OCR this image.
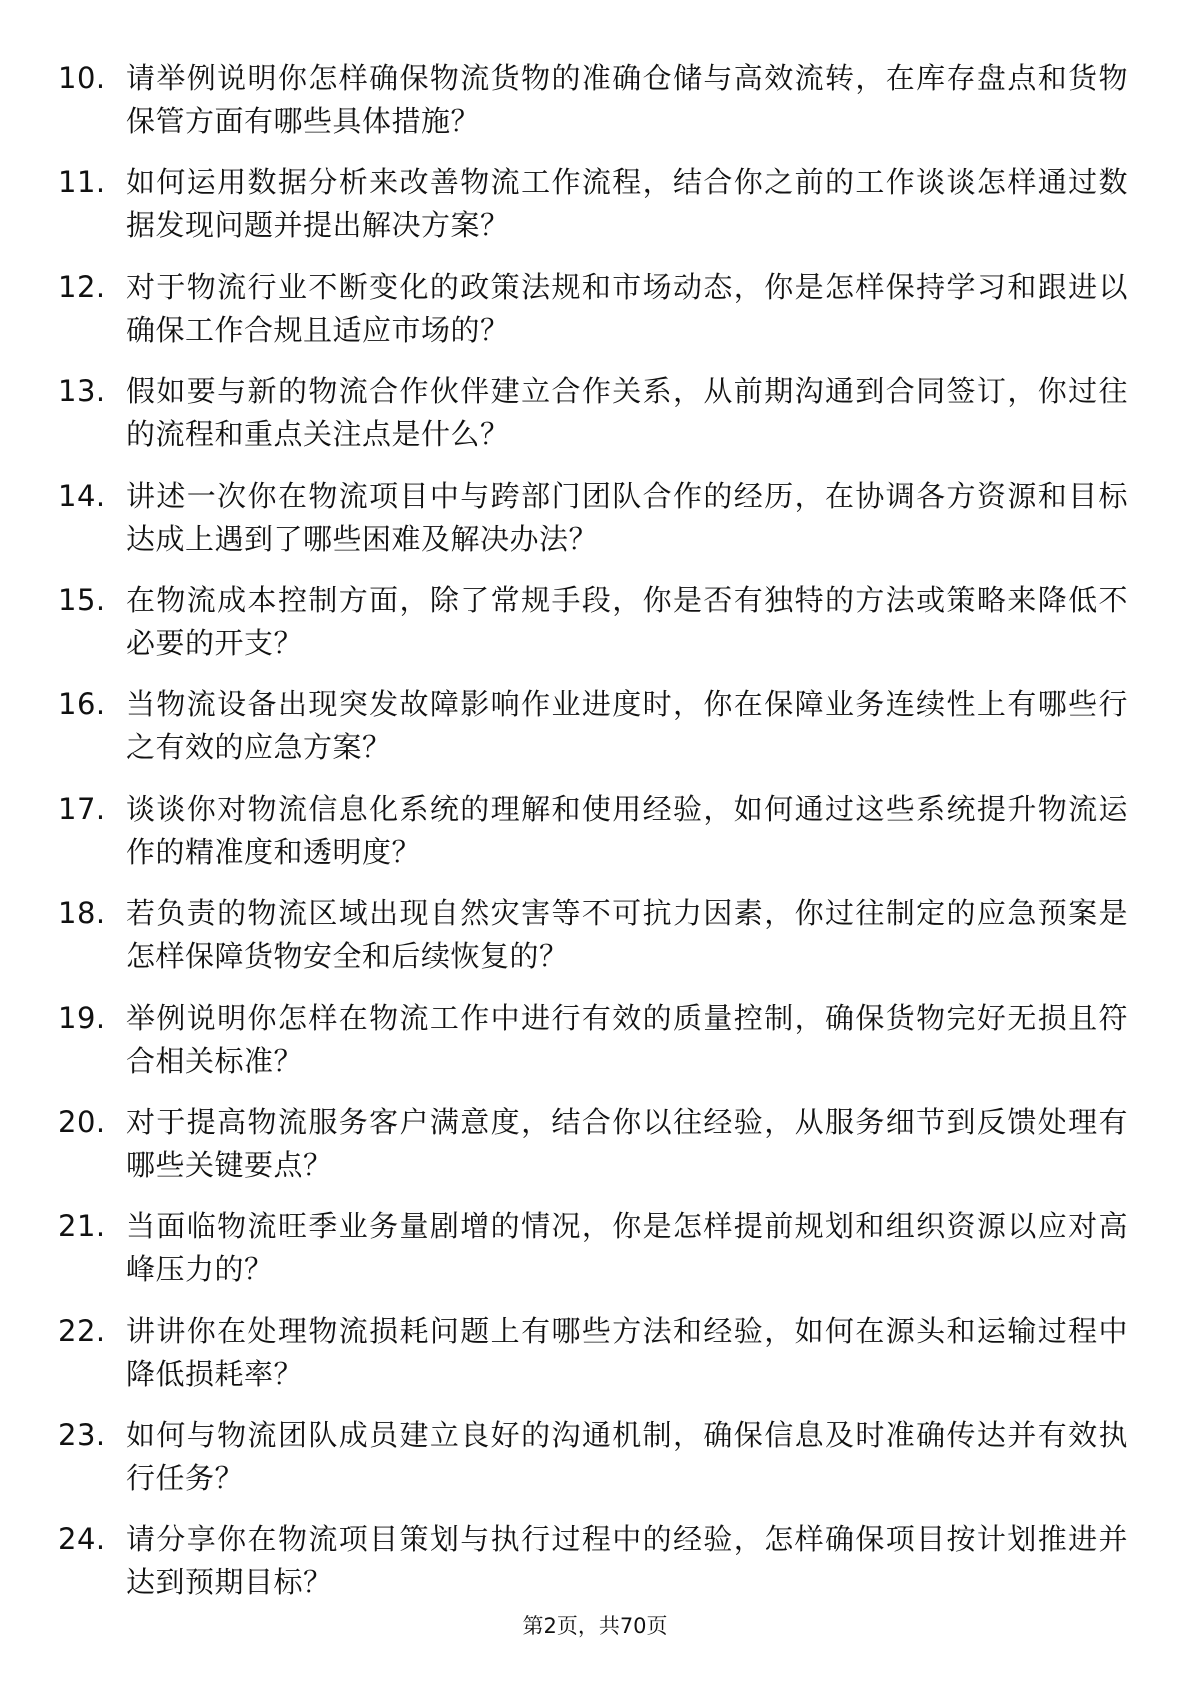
10. 请举例说明你怎样确保物流货物的准确仓储与高效流转，在库存盘点和货物保管方面有哪些具体措施？
11. 如何运用数据分析来改善物流工作流程，结合你之前的工作谈谈怎样通过数据发现问题并提出解决方案？
12. 对于物流行业不断变化的政策法规和市场动态，你是怎样保持学习和跟进以确保工作合规且适应市场的？
13. 假如要与新的物流合作伙伴建立合作关系，从前期沟通到合同签订，你过往的流程和重点关注点是什么？
14. 讲述一次你在物流项目中与跨部门团队合作的经历，在协调各方资源和目标达成上遇到了哪些困难及解决办法？
15. 在物流成本控制方面，除了常规手段，你是否有独特的方法或策略来降低不必要的开支？
16. 当物流设备出现突发故障影响作业进度时，你在保障业务连续性上有哪些行之有效的应急方案？
17. 谈谈你对物流信息化系统的理解和使用经验，如何通过这些系统提升物流运作的精准度和透明度？
18. 若负责的物流区域出现自然灾害等不可抗力因素，你过往制定的应急预案是怎样保障货物安全和后续恢复的？
19. 举例说明你怎样在物流工作中进行有效的质量控制，确保货物完好无损且符合相关标准？
20. 对于提高物流服务客户满意度，结合你以往经验，从服务细节到反馈处理有哪些关键要点？
21. 当面临物流旺季业务量剧增的情况，你是怎样提前规划和组织资源以应对高峰压力的？
22. 讲讲你在处理物流损耗问题上有哪些方法和经验，如何在源头和运输过程中降低损耗率？
23. 如何与物流团队成员建立良好的沟通机制，确保信息及时准确传达并有效执行任务？
24. 请分享你在物流项目策划与执行过程中的经验，怎样确保项目按计划推进并达到预期目标？
第2页，共70页
